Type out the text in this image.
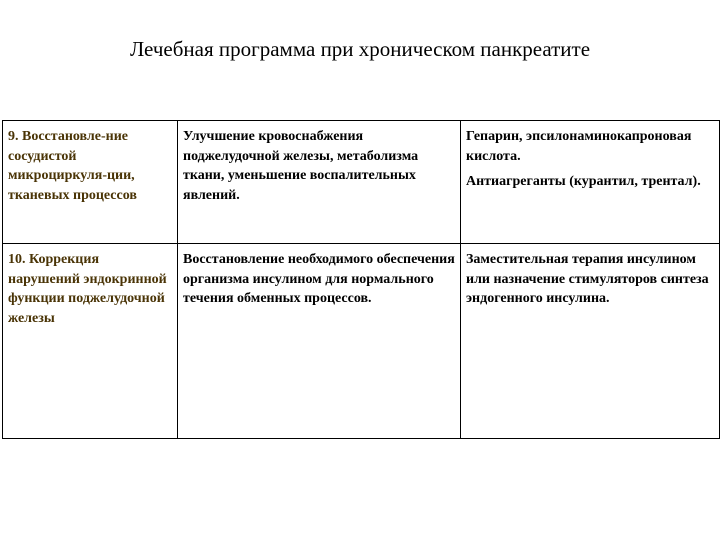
Лечебная программа при хроническом панкреатите
9. Восстановле-ние сосудистой микроциркуля-ции, тканевых процессов	Улучшение кровоснабжения поджелудочной железы, метаболизма ткани, уменьшение воспалительных явлений.	Гепарин, эпсилонаминокапроновая кислота.
Антиагреганты (курантил, трентал).

10. Коррекция нарушений эндокринной функции поджелудочной железы	Восстановление необходимого обеспечения организма инсулином для нормального течения обменных процессов.	Заместительная терапия инсулином или назначение стимуляторов синтеза эндогенного инсулина.
